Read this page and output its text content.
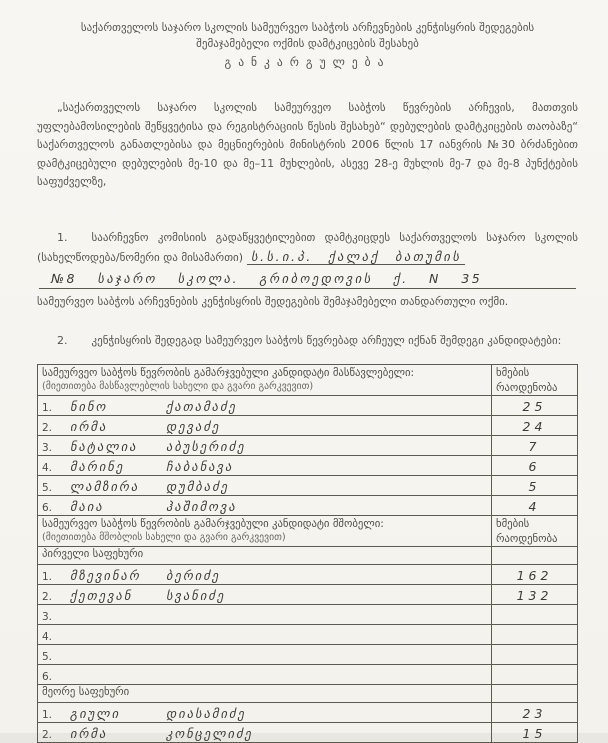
საქართველოს საჯარო სკოლის სამეურვეო საბჭოს არჩევნების კენჭისყრის შედეგების
შემაჯამებელი ოქმის დამტკიცების შესახებ
განკარგულება

„საქართველოს საჯარო სკოლის სამეურვეო საბჭოს წევრების არჩევის, მათთვის უფლებამოსილების შეწყვეტისა და რეგისტრაციის წესის შესახებ“ დებულების დამტკიცების თაობაზე“ საქართველოს განათლებისა და მეცნიერების მინისტრის 2006 წლის 17 იანვრის №30 ბრძანებით დამტკიცებული დებულების მე-10 და მე–11 მუხლების, ასევე 28-ე მუხლის მე-7 და მე-8 პუნქტების საფუძველზე,

1. საარჩევნო კომისიის გადაწყვეტილებით დამტკიცდეს საქართველოს საჯარო სკოლის (სახელწოდება/ნომერი და მისამართი) ს.ს.ი.პ. ქალაქ ბათუმის
№8 საჯარო სკოლა. გრიბოედოვის ქ. N 35
სამეურვეო საბჭოს არჩევნების კენჭისყრის შედეგების შემაჯამებელი თანდართული ოქმი.
2. კენჭისყრის შედეგად სამეურვეო საბჭოს წევრებად არჩეულ იქნან შემდეგი კანდიდატები:
სამეურვეო საბჭოს წევრობის გამარჯვებული კანდიდატი მასწავლებელი:
(მიეთითება მასწავლებლის სახელი და გვარი გარკვევით)	ხმების რაოდენობა
1. ნინო ქათამაძე	25
2. ირმა დევაძე	24
3. ნატალია აბუსერიძე	7
4. მარინე ჩაბანავა	6
5. ლამზირა დუმბაძე	5
6. მაია ჰაშიმოვა	4

სამეურვეო საბჭოს წევრობის გამარჯვებული კანდიდატი მშობელი:
(მიეთითება მშობლის სახელი და გვარი გარკვევით)	ხმების რაოდენობა
პირველი საფეხური	
1. მზევინარ ბერიძე	162
2. ქეთევან სვანიძე	132
3.	
4.	
5.	
6.	
მეორე საფეხური	
1. გიული დიასამიძე	23
2. ირმა კონცელიძე	15
